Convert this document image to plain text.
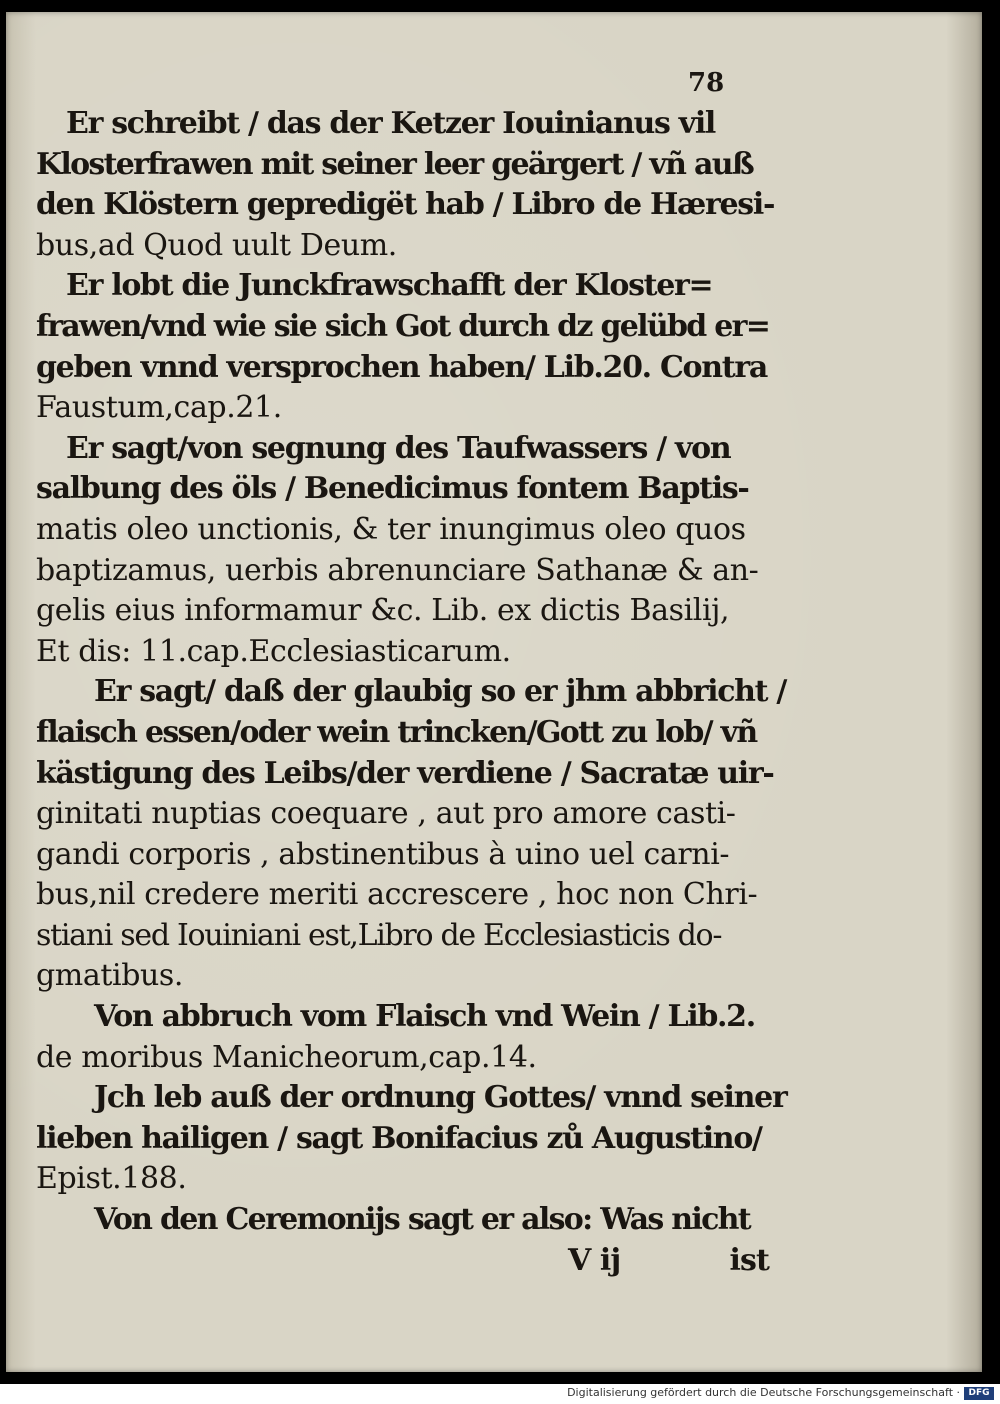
78
Er schreibt / das der Ketzer Iouinianus vil
Klosterfrawen mit seiner leer geärgert / vñ auß
den Klöstern gepredigët hab / Libro de Hæresi-
bus,ad Quod uult Deum.
Er lobt die Junckfrawschafft der Kloster=
frawen/vnd wie sie sich Got durch dz gelübd er=
geben vnnd versprochen haben/ Lib.20. Contra
Faustum,cap.21.
Er sagt/von segnung des Taufwassers / von
salbung des öls / Benedicimus fontem Baptis-
matis oleo unctionis, & ter inungimus oleo quos
baptizamus, uerbis abrenunciare Sathanæ & an-
gelis eius informamur &c. Lib. ex dictis Basilij,
Et dis: 11.cap.Ecclesiasticarum.
Er sagt/ daß der glaubig so er jhm abbricht /
flaisch essen/oder wein trincken/Gott zu lob/ vñ
kästigung des Leibs/der verdiene / Sacratæ uir-
ginitati nuptias coequare , aut pro amore casti-
gandi corporis , abstinentibus à uino uel carni-
bus,nil credere meriti accrescere , hoc non Chri-
stiani sed Iouiniani est,Libro de Ecclesiasticis do-
gmatibus.
Von abbruch vom Flaisch vnd Wein / Lib.2.
de moribus Manicheorum,cap.14.
Jch leb auß der ordnung Gottes/ vnnd seiner
lieben hailigen / sagt Bonifacius zů Augustino/
Epist.188.
Von den Ceremonijs sagt er also: Was nicht
V ij	ist
Digitalisierung gefördert durch die Deutsche Forschungsgemeinschaft · DFG
